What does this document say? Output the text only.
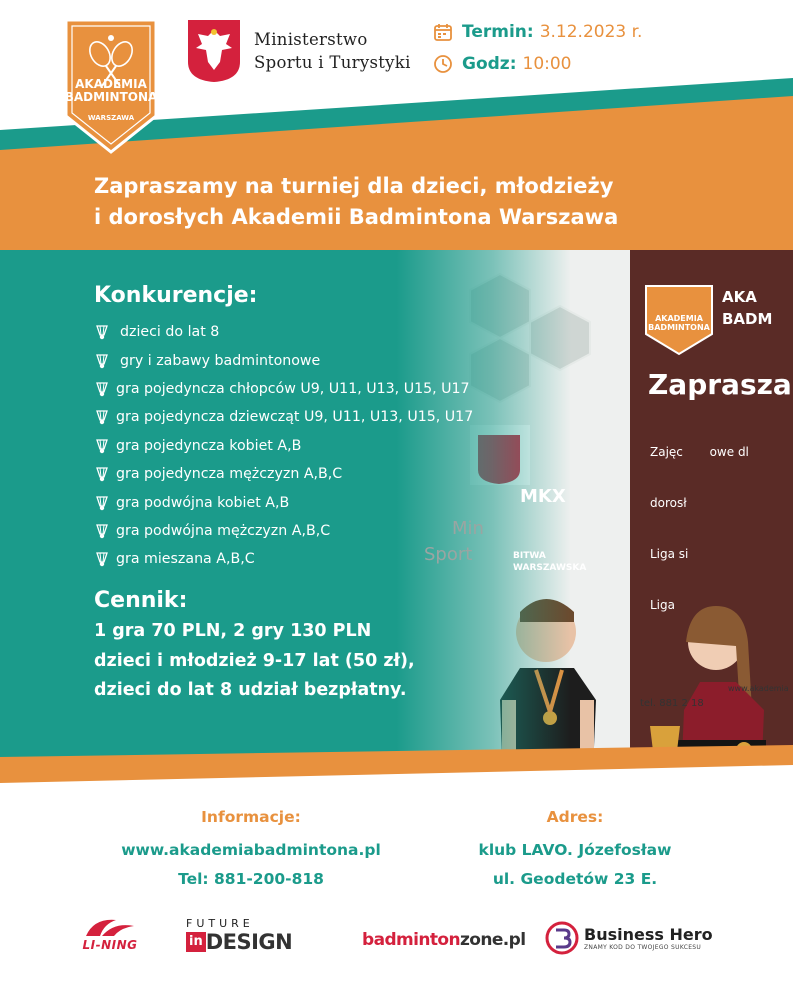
AKADEMIA
BADMINTONA
WARSZAWA
Ministerstwo
Sportu i Turystyki
Termin: 3.12.2023 r.
Godz: 10:00
Zapraszamy na turniej dla dzieci, młodzieży
i dorosłych Akademii Badmintona Warszawa
AKADEMIA BADMINTONA
AKA BADM
Zaprasza

Zajęc       owe dl

dorosł

Liga si

Liga

Min
Sport
MKX
BITWA WARSZAWSKA
tel. 881 2 18
www.akademia
Konkurencje:
dzieci do lat 8
gry i zabawy badmintonowe
gra pojedyncza chłopców U9, U11, U13, U15, U17
gra pojedyncza dziewcząt U9, U11, U13, U15, U17
gra pojedyncza kobiet A,B
gra pojedyncza mężczyzn A,B,C
gra podwójna kobiet A,B
gra podwójna mężczyzn A,B,C
gra mieszana A,B,C
Cennik:
1 gra 70 PLN, 2 gry 130 PLN
dzieci i młodzież 9-17 lat (50 zł),
dzieci do lat 8 udział bezpłatny.
Informacje:
www.akademiabadmintona.pl
Tel: 881-200-818
Adres:
klub LAVO. Józefosław
ul. Geodetów 23 E.
LI-NING
FUTURE
in DESIGN	badminton zone.pl	Business Hero
ZNAMY KOD DO TWOJEGO SUKCESU
